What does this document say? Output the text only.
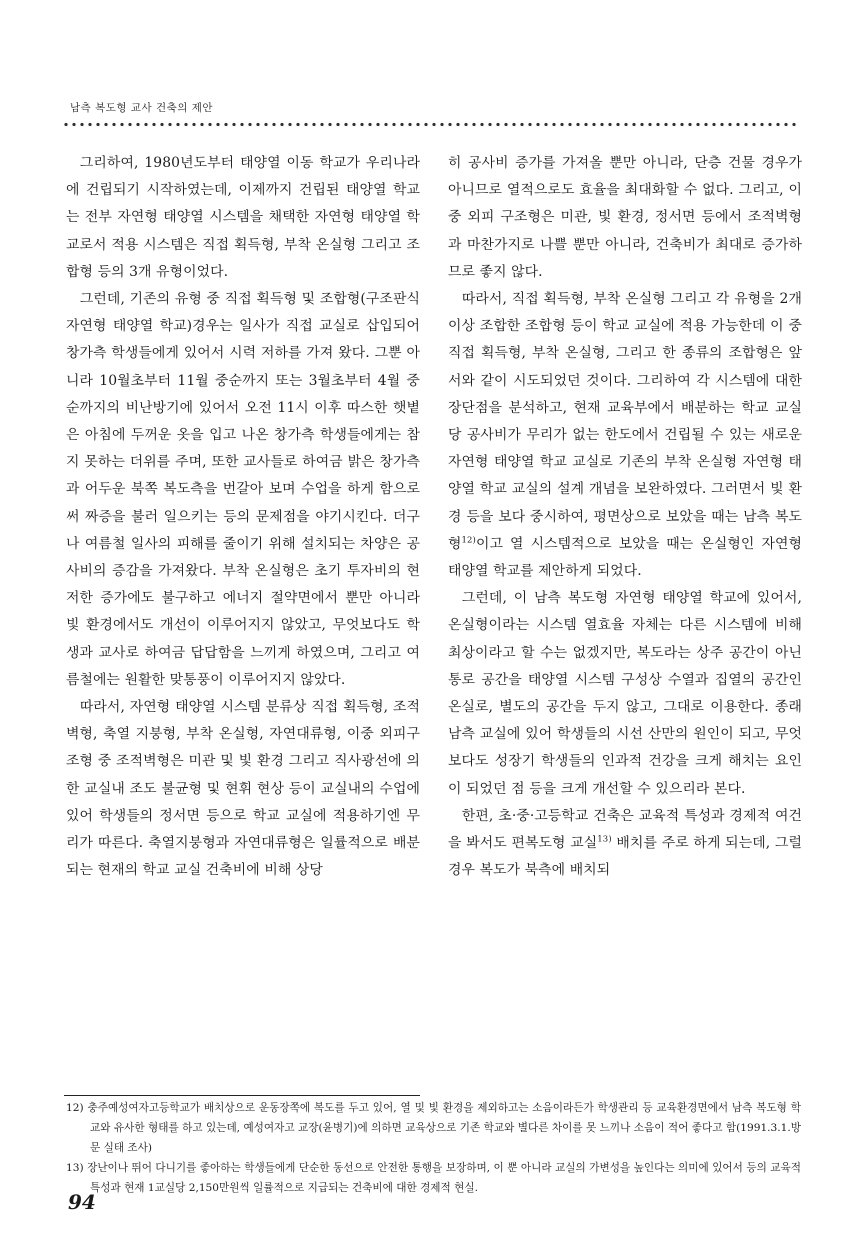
남측 복도형 교사 건축의 제안

그리하여, 1980년도부터 태양열 이동 학교가 우리나라에 건립되기 시작하였는데, 이제까지 건립된 태양열 학교는 전부 자연형 태양열 시스템을 채택한 자연형 태양열 학교로서 적용 시스템은 직접 획득형, 부착 온실형 그리고 조합형 등의 3개 유형이었다.

그런데, 기존의 유형 중 직접 획득형 및 조합형(구조판식 자연형 태양열 학교)경우는 일사가 직접 교실로 삽입되어 창가측 학생들에게 있어서 시력 저하를 가져 왔다. 그뿐 아니라 10월초부터 11월 중순까지 또는 3월초부터 4월 중순까지의 비난방기에 있어서 오전 11시 이후 따스한 햇볕은 아침에 두꺼운 옷을 입고 나온 창가측 학생들에게는 참지 못하는 더위를 주며, 또한 교사들로 하여금 밝은 창가측과 어두운 북쪽 복도측을 번갈아 보며 수업을 하게 함으로써 짜증을 불러 일으키는 등의 문제점을 야기시킨다. 더구나 여름철 일사의 피해를 줄이기 위해 설치되는 차양은 공사비의 증감을 가져왔다. 부착 온실형은 초기 투자비의 현저한 증가에도 불구하고 에너지 절약면에서 뿐만 아니라 빛 환경에서도 개선이 이루어지지 않았고, 무엇보다도 학생과 교사로 하여금 답답함을 느끼게 하였으며, 그리고 여름철에는 원활한 맞통풍이 이루어지지 않았다.

따라서, 자연형 태양열 시스템 분류상 직접 획득형, 조적벽형, 축열 지붕형, 부착 온실형, 자연대류형, 이중 외피구조형 중 조적벽형은 미관 및 빛 환경 그리고 직사광선에 의한 교실내 조도 불균형 및 현휘 현상 등이 교실내의 수업에 있어 학생들의 정서면 등으로 학교 교실에 적용하기엔 무리가 따른다. 축열지붕형과 자연대류형은 일률적으로 배분되는 현재의 학교 교실 건축비에 비해 상당

히 공사비 증가를 가져올 뿐만 아니라, 단층 건물 경우가 아니므로 열적으로도 효율을 최대화할 수 없다. 그리고, 이중 외피 구조형은 미관, 빛 환경, 정서면 등에서 조적벽형과 마찬가지로 나쁠 뿐만 아니라, 건축비가 최대로 증가하므로 좋지 않다.

따라서, 직접 획득형, 부착 온실형 그리고 각 유형을 2개 이상 조합한 조합형 등이 학교 교실에 적용 가능한데 이 중 직접 획득형, 부착 온실형, 그리고 한 종류의 조합형은 앞서와 같이 시도되었던 것이다. 그리하여 각 시스템에 대한 장단점을 분석하고, 현재 교육부에서 배분하는 학교 교실당 공사비가 무리가 없는 한도에서 건립될 수 있는 새로운 자연형 태양열 학교 교실로 기존의 부착 온실형 자연형 태양열 학교 교실의 설계 개념을 보완하였다. 그러면서 빛 환경 등을 보다 중시하여, 평면상으로 보았을 때는 남측 복도형$^{12)}$이고 열 시스템적으로 보았을 때는 온실형인 자연형 태양열 학교를 제안하게 되었다.

그런데, 이 남측 복도형 자연형 태양열 학교에 있어서, 온실형이라는 시스템 열효율 자체는 다른 시스템에 비해 최상이라고 할 수는 없겠지만, 복도라는 상주 공간이 아닌 통로 공간을 태양열 시스템 구성상 수열과 집열의 공간인 온실로, 별도의 공간을 두지 않고, 그대로 이용한다. 종래 남측 교실에 있어 학생들의 시선 산만의 원인이 되고, 무엇보다도 성장기 학생들의 인과적 건강을 크게 해치는 요인이 되었던 점 등을 크게 개선할 수 있으리라 본다.

한편, 초·중·고등학교 건축은 교육적 특성과 경제적 여건을 봐서도 편복도형 교실$^{13)}$ 배치를 주로 하게 되는데, 그럴 경우 복도가 북측에 배치되

12) 충주예성여자고등학교가 배치상으로 운동장쪽에 복도를 두고 있어, 열 및 빛 환경을 제외하고는 소음이라든가 학생관리 등 교육환경면에서 남측 복도형 학교와 유사한 형태를 하고 있는데, 예성여자고 교장(윤병기)에 의하면 교육상으로 기존 학교와 별다른 차이를 못 느끼나 소음이 적어 좋다고 함(1991.3.1.방문 실태 조사)

13) 장난이나 뛰어 다니기를 좋아하는 학생들에게 단순한 동선으로 안전한 통행을 보장하며, 이 뿐 아니라 교실의 가변성을 높인다는 의미에 있어서 등의 교육적 특성과 현재 1교실당 2,150만원씩 일률적으로 지급되는 건축비에 대한 경제적 현실.

94
